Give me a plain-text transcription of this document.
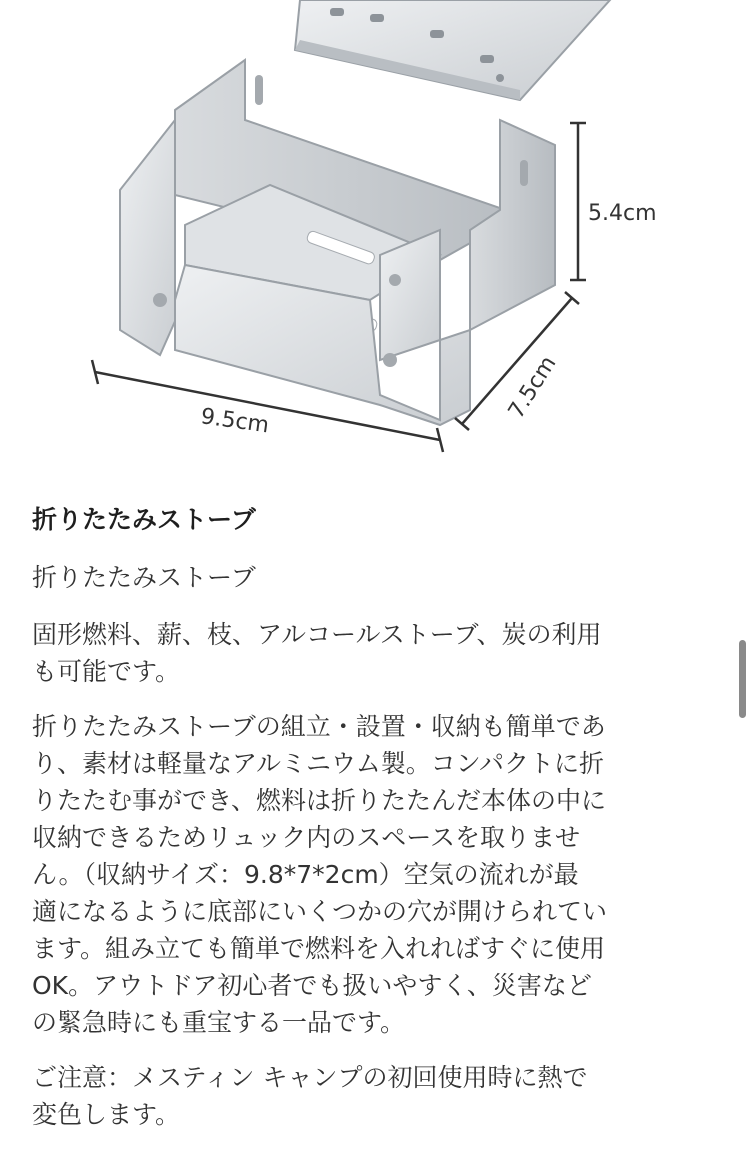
5.4cm
9.5cm	7.5cm
折りたたみストーブ

折りたたみストーブ

固形燃料、薪、枝、アルコールストーブ、炭の利用
も可能です。

折りたたみストーブの組立・設置・収納も簡単であ
り、素材は軽量なアルミニウム製。コンパクトに折
りたたむ事ができ、燃料は折りたたんだ本体の中に
収納できるためリュック内のスペースを取りませ
ん。（収納サイズ：9.8*7*2cm）空気の流れが最
適になるように底部にいくつかの穴が開けられてい
ます。組み立ても簡単で燃料を入れればすぐに使用
OK。アウトドア初心者でも扱いやすく、災害など
の緊急時にも重宝する一品です。

ご注意：メスティン キャンプの初回使用時に熱で
変色します。
